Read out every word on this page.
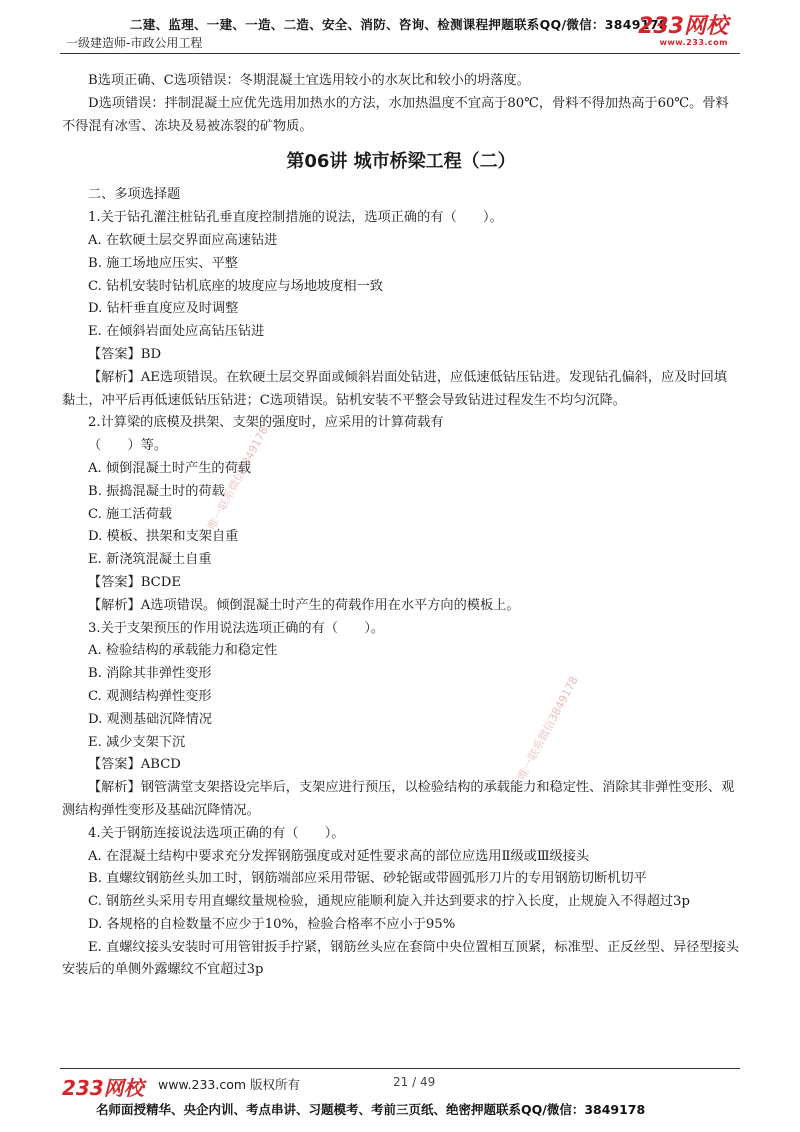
二建、监理、一建、一造、二造、安全、消防、咨询、检测课程押题联系QQ/微信：3849178
一级建造师-市政公用工程
233网校
www.233.com
唯一联系微信3849178
唯一联系微信3849178

B选项正确、C选项错误：冬期混凝土宜选用较小的水灰比和较小的坍落度。

D选项错误：拌制混凝土应优先选用加热水的方法，水加热温度不宜高于80℃，骨料不得加热高于60℃。骨料不得混有冰雪、冻块及易被冻裂的矿物质。

第06讲 城市桥梁工程（二）

二、多项选择题

1.关于钻孔灌注桩钻孔垂直度控制措施的说法，选项正确的有（　　）。

A. 在软硬土层交界面应高速钻进

B. 施工场地应压实、平整

C. 钻机安装时钻机底座的坡度应与场地坡度相一致

D. 钻杆垂直度应及时调整

E. 在倾斜岩面处应高钻压钻进

【答案】BD

【解析】AE选项错误。在软硬土层交界面或倾斜岩面处钻进，应低速低钻压钻进。发现钻孔偏斜，应及时回填黏土，冲平后再低速低钻压钻进；C选项错误。钻机安装不平整会导致钻进过程发生不均匀沉降。

2.计算梁的底模及拱架、支架的强度时，应采用的计算荷载有

（　　）等。

A. 倾倒混凝土时产生的荷载

B. 振捣混凝土时的荷载

C. 施工活荷载

D. 模板、拱架和支架自重

E. 新浇筑混凝土自重

【答案】BCDE

【解析】A选项错误。倾倒混凝土时产生的荷载作用在水平方向的模板上。

3.关于支架预压的作用说法选项正确的有（　　）。

A. 检验结构的承载能力和稳定性

B. 消除其非弹性变形

C. 观测结构弹性变形

D. 观测基础沉降情况

E. 减少支架下沉

【答案】ABCD

【解析】钢管满堂支架搭设完毕后，支架应进行预压，以检验结构的承载能力和稳定性、消除其非弹性变形、观测结构弹性变形及基础沉降情况。

4.关于钢筋连接说法选项正确的有（　　）。

A. 在混凝土结构中要求充分发挥钢筋强度或对延性要求高的部位应选用Ⅱ级或Ⅲ级接头

B. 直螺纹钢筋丝头加工时，钢筋端部应采用带锯、砂轮锯或带圆弧形刀片的专用钢筋切断机切平

C. 钢筋丝头采用专用直螺纹量规检验，通规应能顺利旋入并达到要求的拧入长度，止规旋入不得超过3p

D. 各规格的自检数量不应少于10%，检验合格率不应小于95%

E. 直螺纹接头安装时可用管钳扳手拧紧，钢筋丝头应在套筒中央位置相互顶紧，标准型、正反丝型、异径型接头安装后的单侧外露螺纹不宜超过3p

233网校 www.233.com 版权所有	21 / 49
名师面授精华、央企内训、考点串讲、习题模考、考前三页纸、绝密押题联系QQ/微信：3849178
